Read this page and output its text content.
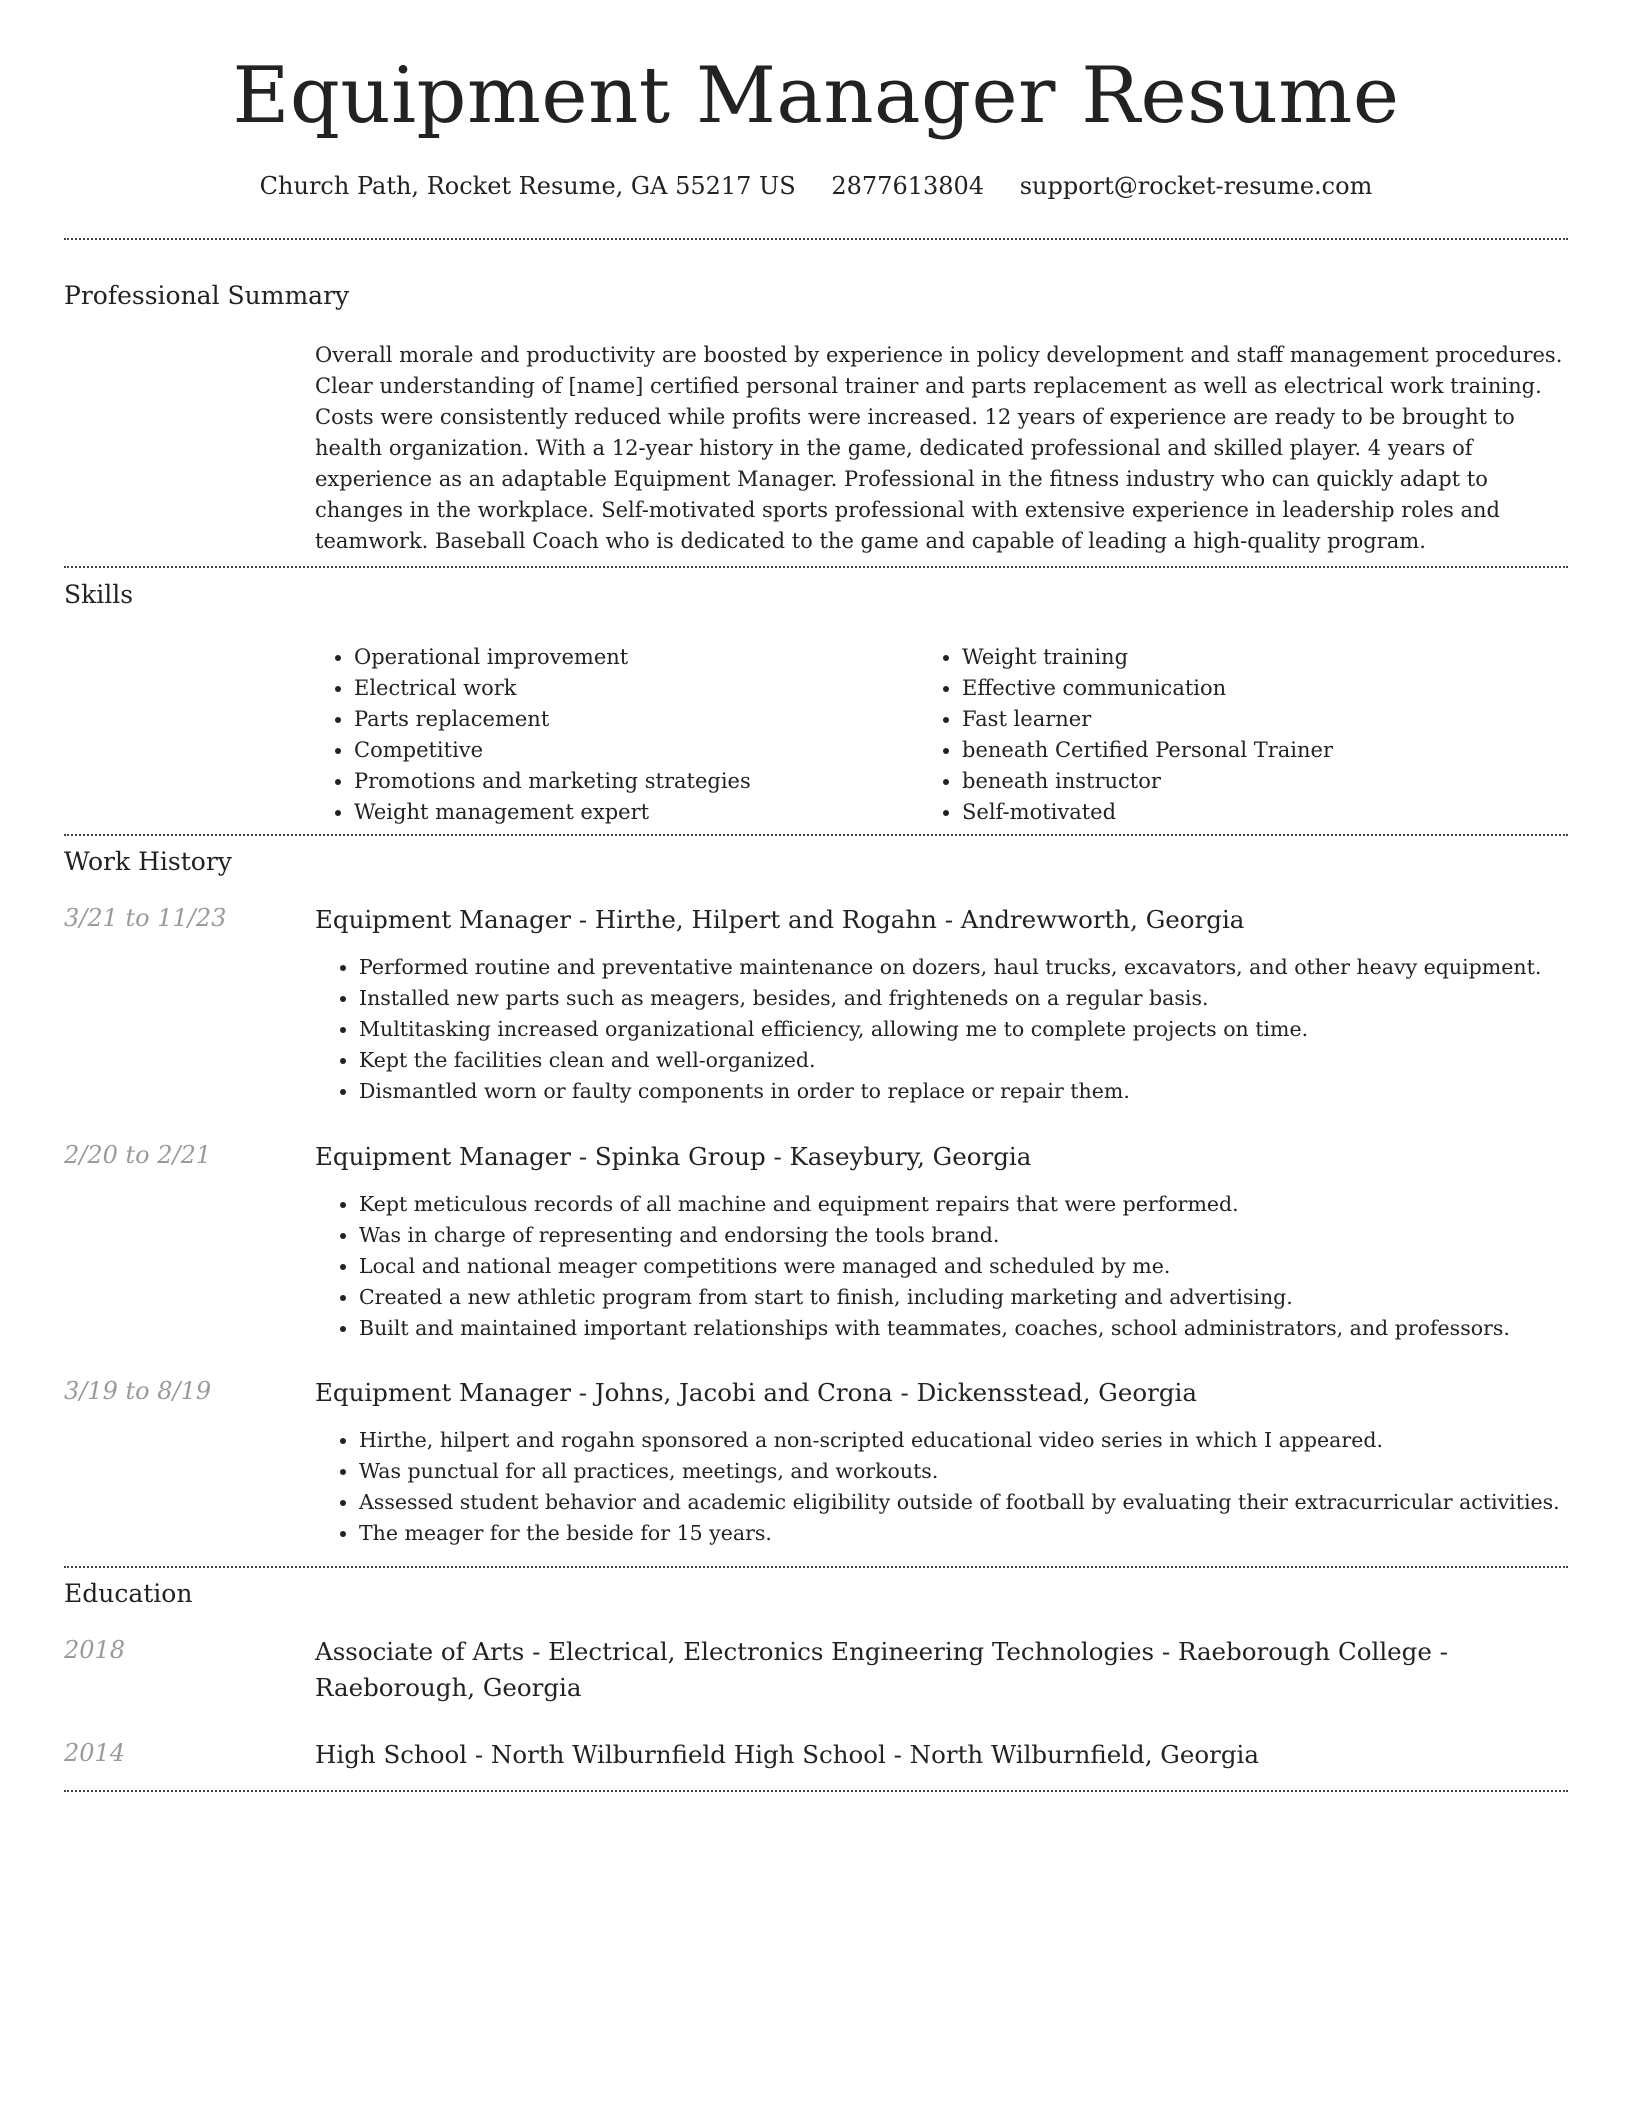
Equipment Manager Resume
Church Path, Rocket Resume, GA 55217 US 2877613804 support@rocket-resume.com
Professional Summary

Overall morale and productivity are boosted by experience in policy development and staff management procedures. Clear understanding of [name] certified personal trainer and parts replacement as well as electrical work training. Costs were consistently reduced while profits were increased. 12 years of experience are ready to be brought to health organization. With a 12-year history in the game, dedicated professional and skilled player. 4 years of experience as an adaptable Equipment Manager. Professional in the fitness industry who can quickly adapt to changes in the workplace. Self-motivated sports professional with extensive experience in leadership roles and teamwork. Baseball Coach who is dedicated to the game and capable of leading a high-quality program.

Skills
• Operational improvement
• Electrical work
• Parts replacement
• Competitive
• Promotions and marketing strategies
• Weight management expert
• Weight training
• Effective communication
• Fast learner
• beneath Certified Personal Trainer
• beneath instructor
• Self-motivated
Work History
3/21 to 11/23	Equipment Manager - Hirthe, Hilpert and Rogahn - Andrewworth, Georgia
• Performed routine and preventative maintenance on dozers, haul trucks, excavators, and other heavy equipment.
• Installed new parts such as meagers, besides, and frighteneds on a regular basis.
• Multitasking increased organizational efficiency, allowing me to complete projects on time.
• Kept the facilities clean and well-organized.
• Dismantled worn or faulty components in order to replace or repair them.
2/20 to 2/21	Equipment Manager - Spinka Group - Kaseybury, Georgia
• Kept meticulous records of all machine and equipment repairs that were performed.
• Was in charge of representing and endorsing the tools brand.
• Local and national meager competitions were managed and scheduled by me.
• Created a new athletic program from start to finish, including marketing and advertising.
• Built and maintained important relationships with teammates, coaches, school administrators, and professors.
3/19 to 8/19	Equipment Manager - Johns, Jacobi and Crona - Dickensstead, Georgia
• Hirthe, hilpert and rogahn sponsored a non-scripted educational video series in which I appeared.
• Was punctual for all practices, meetings, and workouts.
• Assessed student behavior and academic eligibility outside of football by evaluating their extracurricular activities.
• The meager for the beside for 15 years.
Education
2018	Associate of Arts - Electrical, Electronics Engineering Technologies - Raeborough College - Raeborough, Georgia
2014	High School - North Wilburnfield High School - North Wilburnfield, Georgia
